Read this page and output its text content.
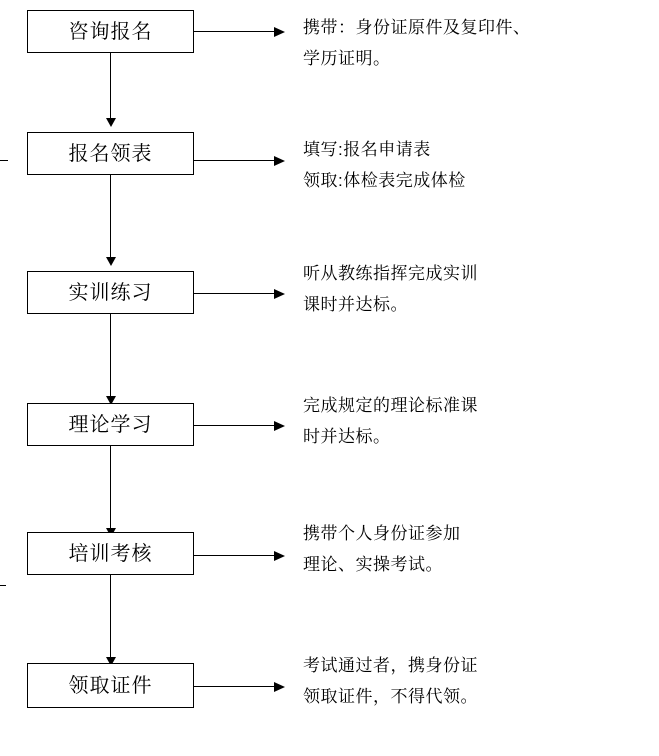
咨询报名	携带：身份证原件及复印件、
学历证明。
报名领表	填写:报名申请表
领取:体检表完成体检
实训练习
听从教练指挥完成实训
课时并达标。
理论学习
完成规定的理论标准课
时并达标。
培训考核
携带个人身份证参加
理论、实操考试。
领取证件
考试通过者，携身份证
领取证件，不得代领。
